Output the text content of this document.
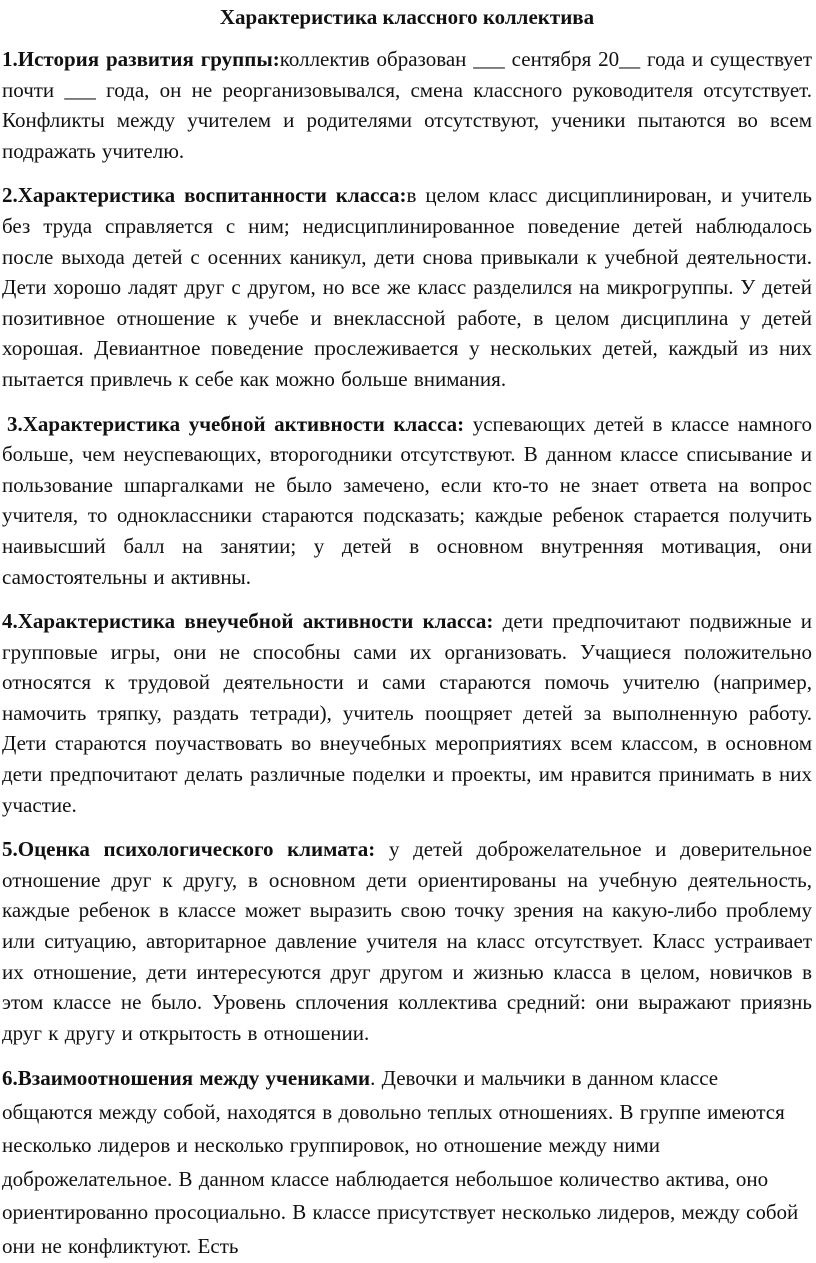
Характеристика классного коллектива
1.История развития группы:коллектив образован ___ сентября 20__ года и существует почти ___ года, он не реорганизовывался, смена классного руководителя отсутствует. Конфликты между учителем и родителями отсутствуют, ученики пытаются во всем подражать учителю.
2.Характеристика воспитанности класса:в целом класс дисциплинирован, и учитель без труда справляется с ним; недисциплинированное поведение детей наблюдалось после выхода детей с осенних каникул, дети снова привыкали к учебной деятельности. Дети хорошо ладят друг с другом, но все же класс разделился на микрогруппы. У детей позитивное отношение к учебе и внеклассной работе, в целом дисциплина у детей хорошая. Девиантное поведение прослеживается у нескольких детей, каждый из них пытается привлечь к себе как можно больше внимания.
3.Характеристика учебной активности класса: успевающих детей в классе намного больше, чем неуспевающих, второгодники отсутствуют. В данном классе списывание и пользование шпаргалками не было замечено, если кто-то не знает ответа на вопрос учителя, то одноклассники стараются подсказать; каждые ребенок старается получить наивысший балл на занятии; у детей в основном внутренняя мотивация, они самостоятельны и активны.
4.Характеристика внеучебной активности класса: дети предпочитают подвижные и групповые игры, они не способны сами их организовать. Учащиеся положительно относятся к трудовой деятельности и сами стараются помочь учителю (например, намочить тряпку, раздать тетради), учитель поощряет детей за выполненную работу. Дети стараются поучаствовать во внеучебных мероприятиях всем классом, в основном дети предпочитают делать различные поделки и проекты, им нравится принимать в них участие.
5.Оценка психологического климата: у детей доброжелательное и доверительное отношение друг к другу, в основном дети ориентированы на учебную деятельность, каждые ребенок в классе может выразить свою точку зрения на какую-либо проблему или ситуацию, авторитарное давление учителя на класс отсутствует. Класс устраивает их отношение, дети интересуются друг другом и жизнью класса в целом, новичков в этом классе не было. Уровень сплочения коллектива средний: они выражают приязнь друг к другу и открытость в отношении.
6.Взаимоотношения между учениками. Девочки и мальчики в данном классе общаются между собой, находятся в довольно теплых отношениях. В группе имеются несколько лидеров и несколько группировок, но отношение между ними доброжелательное. В данном классе наблюдается небольшое количество актива, оно ориентированно просоциально. В классе присутствует несколько лидеров, между собой они не конфликтуют. Есть
